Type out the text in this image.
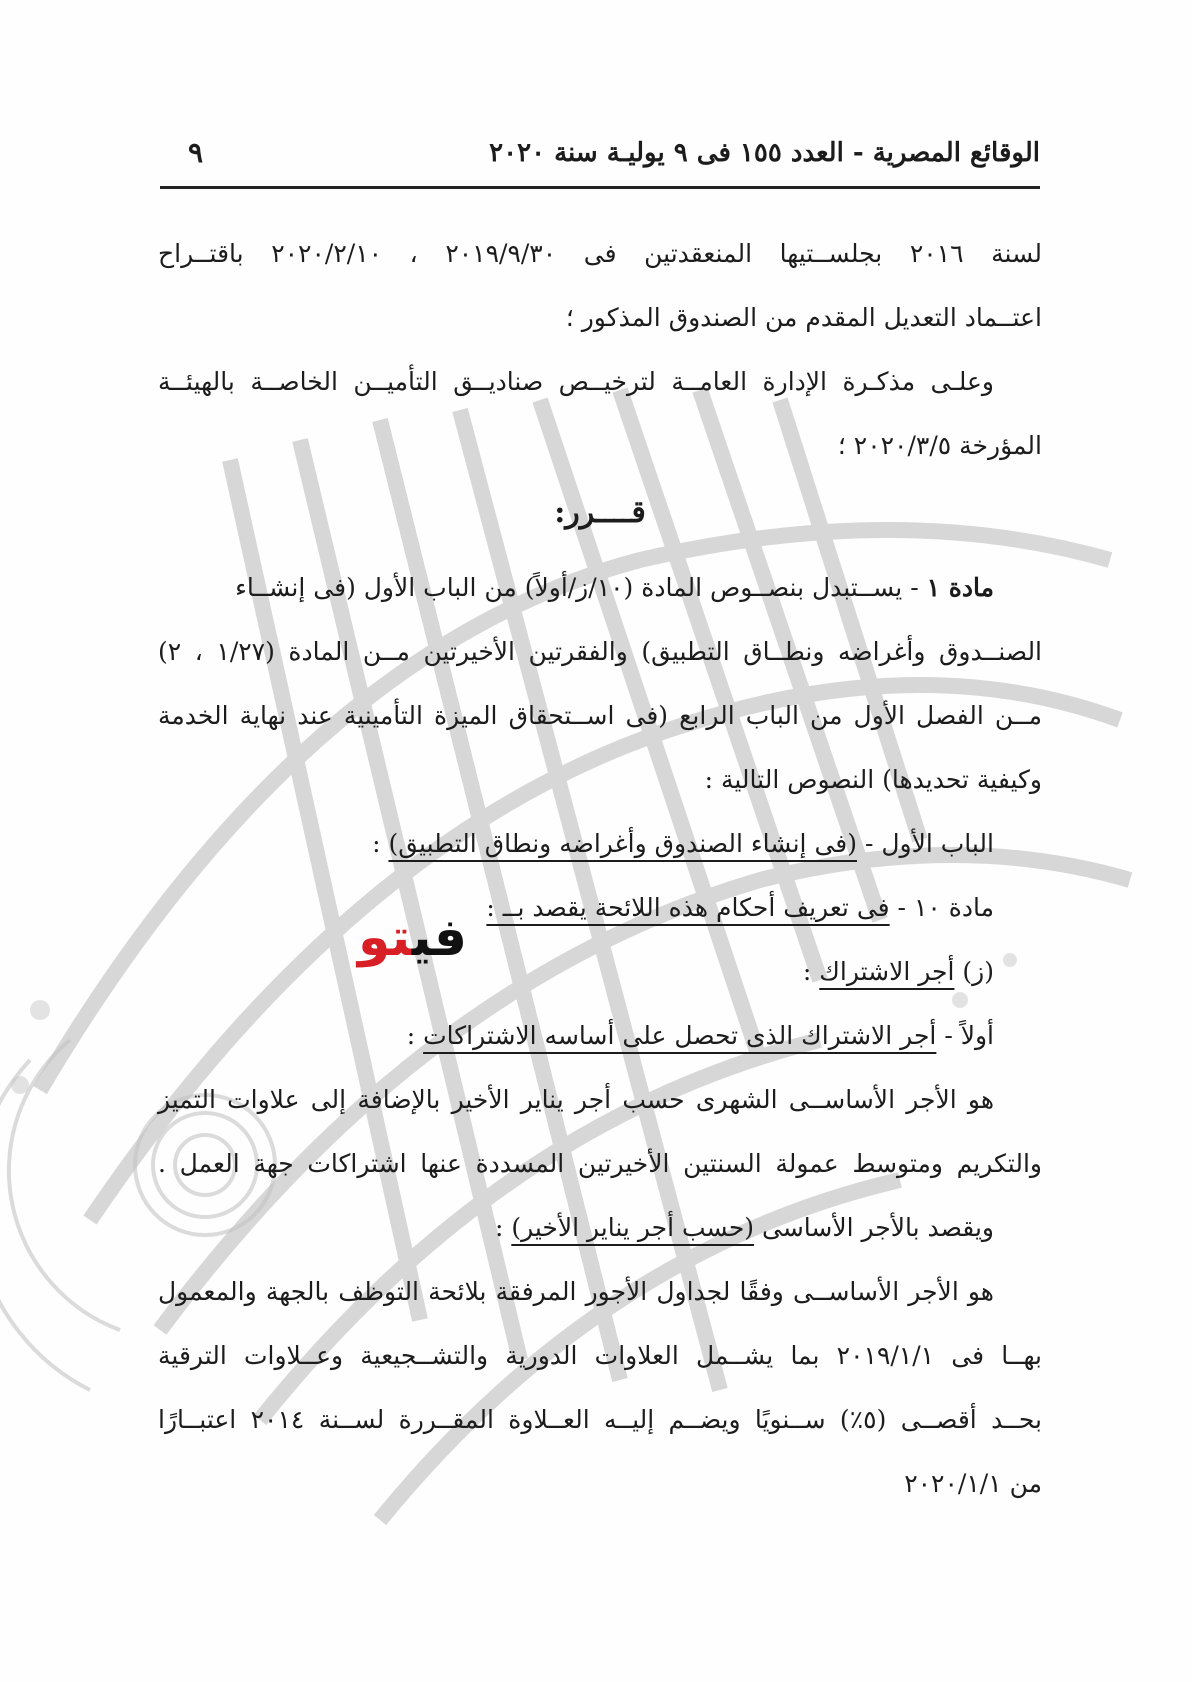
الوقائع المصرية - العدد ١٥٥ فى ٩ يوليـة سنة ٢٠٢٠
٩
لسنة ٢٠١٦ بجلســتيها المنعقدتين فى ٢٠١٩/٩/٣٠ ، ٢٠٢٠/٢/١٠ باقتــراح
اعتــماد التعديل المقدم من الصندوق المذكور ؛
وعلـى مذكـرة الإدارة العامــة لترخيــص صناديــق التأميــن الخاصــة بالهيئــة
المؤرخة ٢٠٢٠/٣/٥ ؛
قــــرر:
مادة ١ - يســتبدل بنصــوص المادة (١٠/ز/أولاً) من الباب الأول (فى إنشــاء
الصنــدوق وأغراضه ونطــاق التطبيق) والفقرتين الأخيرتين مــن المادة (١/٢٧ ، ٢)
مــن الفصل الأول من الباب الرابع (فى اســتحقاق الميزة التأمينية عند نهاية الخدمة
وكيفية تحديدها) النصوص التالية :
الباب الأول - (فى إنشاء الصندوق وأغراضه ونطاق التطبيق) :
مادة ١٠ - فى تعريف أحكام هذه اللائحة يقصد بــ :
(ز) أجر الاشتراك :
أولاً - أجر الاشتراك الذى تحصل على أساسه الاشتراكات :
هو الأجر الأساســى الشهرى حسب أجر يناير الأخير بالإضافة إلى علاوات التميز
والتكريم ومتوسط عمولة السنتين الأخيرتين المسددة عنها اشتراكات جهة العمل .
ويقصد بالأجر الأساسى (حسب أجر يناير الأخير) :
هو الأجر الأساســى وفقًا لجداول الأجور المرفقة بلائحة التوظف بالجهة والمعمول
بهــا فى ٢٠١٩/١/١ بما يشــمل العلاوات الدورية والتشــجيعية وعــلاوات الترقية
بحــد أقصــى (٥٪) ســنويًا ويضــم إليــه العــلاوة المقــررة لســنة ٢٠١٤ اعتبــارًا
من ٢٠٢٠/١/١
فيتو
